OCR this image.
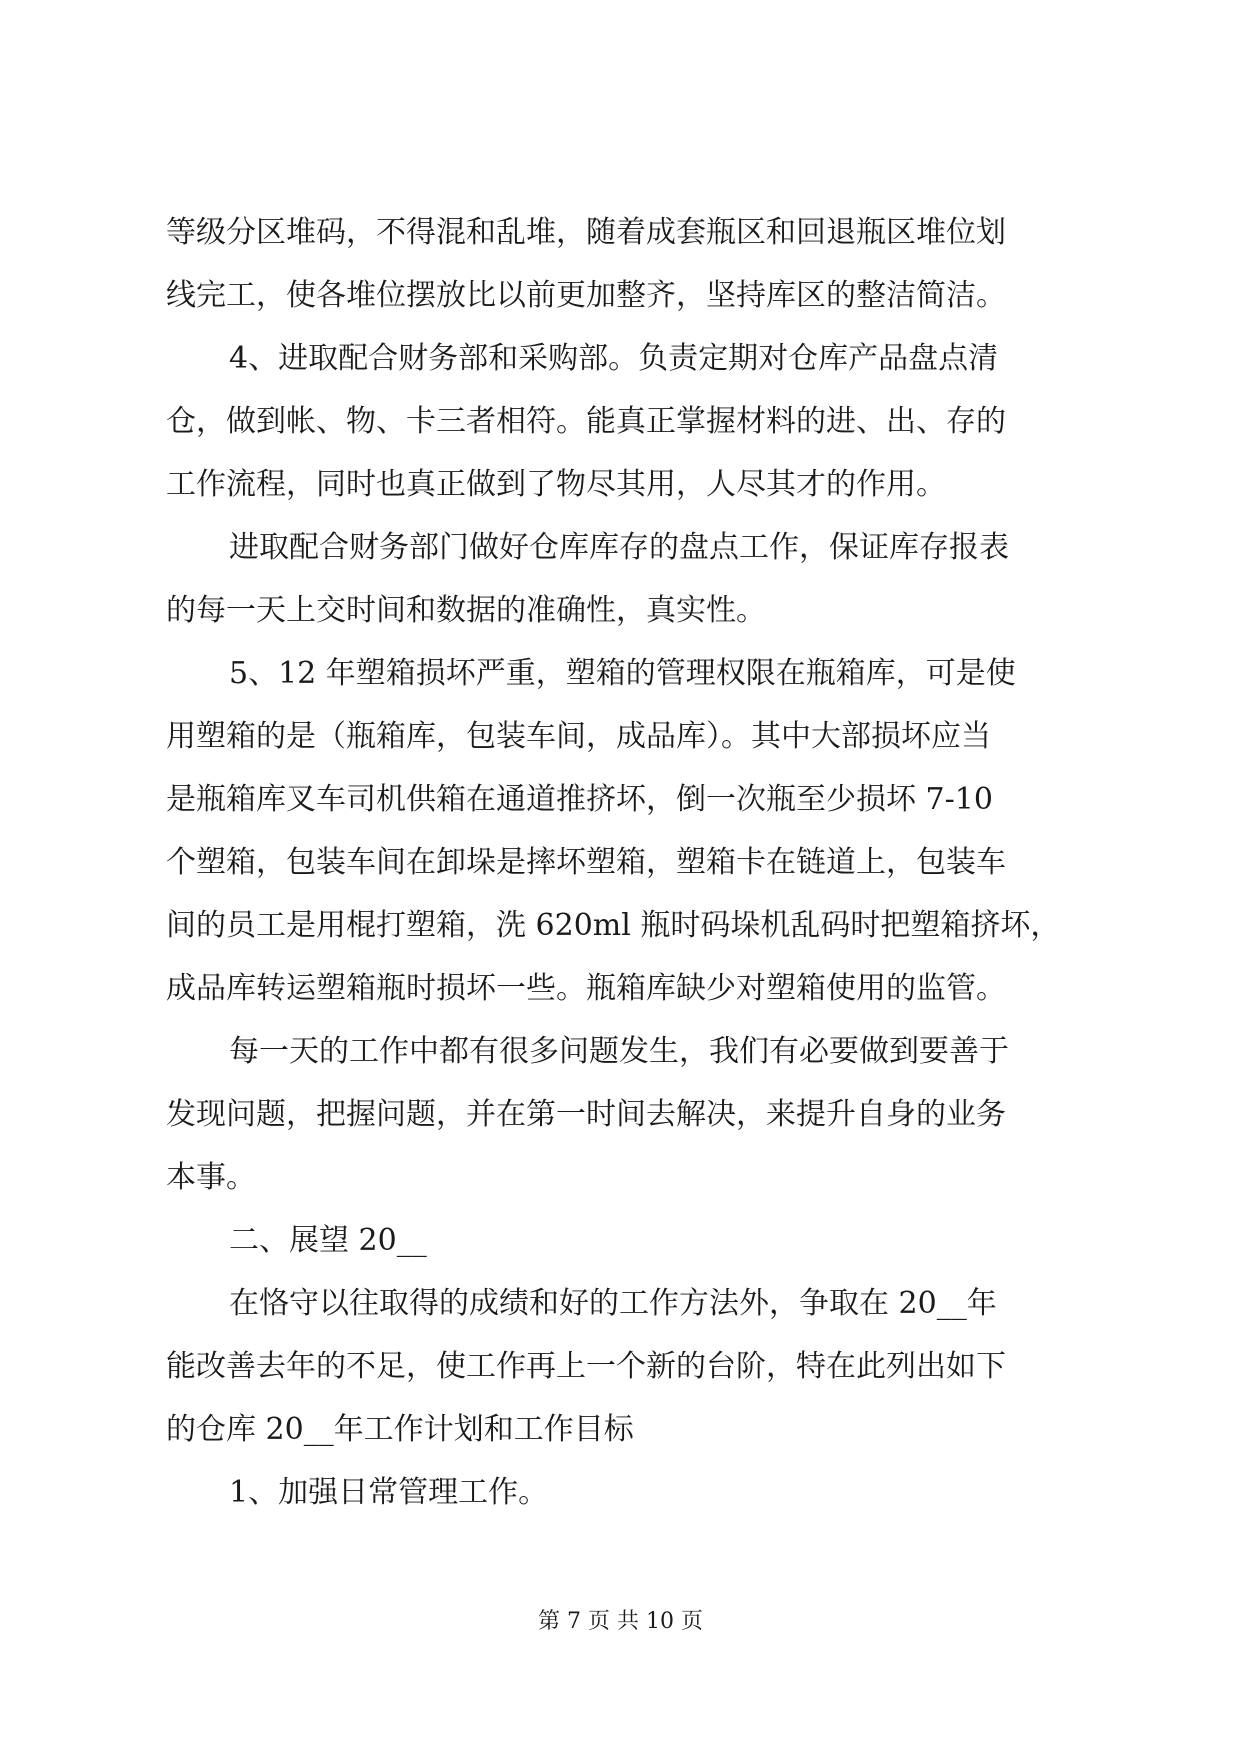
等级分区堆码，不得混和乱堆，随着成套瓶区和回退瓶区堆位划
线完工，使各堆位摆放比以前更加整齐，坚持库区的整洁简洁。
4、进取配合财务部和采购部。负责定期对仓库产品盘点清
仓，做到帐、物、卡三者相符。能真正掌握材料的进、出、存的
工作流程，同时也真正做到了物尽其用，人尽其才的作用。
进取配合财务部门做好仓库库存的盘点工作，保证库存报表
的每一天上交时间和数据的准确性，真实性。
5、12 年塑箱损坏严重，塑箱的管理权限在瓶箱库，可是使
用塑箱的是（瓶箱库，包装车间，成品库）。其中大部损坏应当
是瓶箱库叉车司机供箱在通道推挤坏，倒一次瓶至少损坏 7-10
个塑箱，包装车间在卸垛是摔坏塑箱，塑箱卡在链道上，包装车
间的员工是用棍打塑箱，洗 620ml 瓶时码垛机乱码时把塑箱挤坏，
成品库转运塑箱瓶时损坏一些。瓶箱库缺少对塑箱使用的监管。
每一天的工作中都有很多问题发生，我们有必要做到要善于
发现问题，把握问题，并在第一时间去解决，来提升自身的业务
本事。
二、展望 20__
在恪守以往取得的成绩和好的工作方法外，争取在 20__年
能改善去年的不足，使工作再上一个新的台阶，特在此列出如下
的仓库 20__年工作计划和工作目标
1、加强日常管理工作。
第 7 页 共 10 页
